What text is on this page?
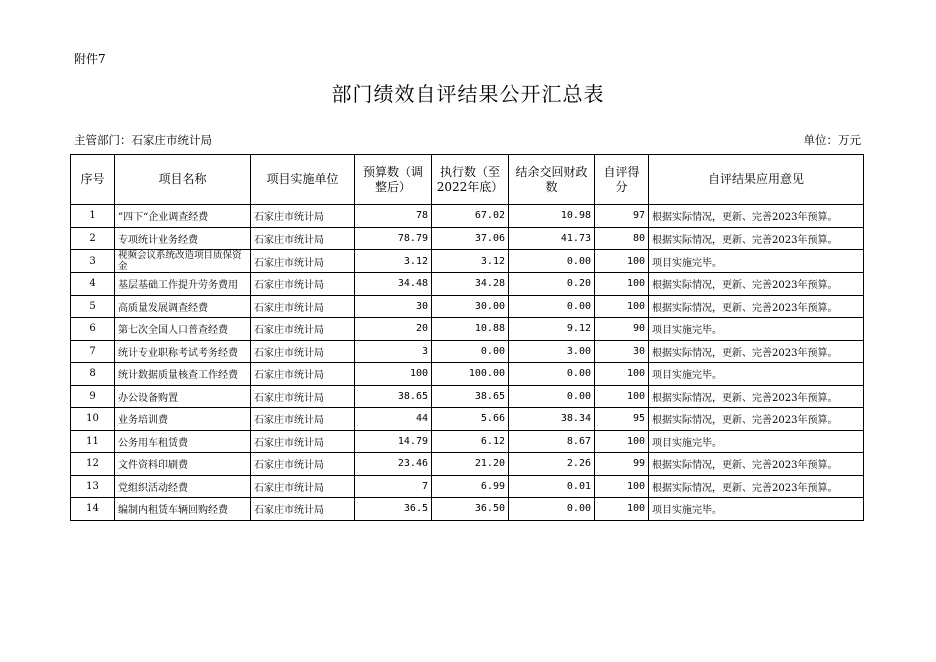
附件7
部门绩效自评结果公开汇总表
主管部门：石家庄市统计局	单位：万元
序号	项目名称	项目实施单位	预算数（调整后）	执行数（至2022年底）	结余交回财政数	自评得分	自评结果应用意见
1	”四下“企业调查经费	石家庄市统计局	78	67.02	10.98	97	根据实际情况，更新、完善2023年预算。
2	专项统计业务经费	石家庄市统计局	78.79	37.06	41.73	80	根据实际情况，更新、完善2023年预算。
3	视频会议系统改造项目质保资金	石家庄市统计局	3.12	3.12	0.00	100	项目实施完毕。
4	基层基础工作提升劳务费用	石家庄市统计局	34.48	34.28	0.20	100	根据实际情况，更新、完善2023年预算。
5	高质量发展调查经费	石家庄市统计局	30	30.00	0.00	100	根据实际情况，更新、完善2023年预算。
6	第七次全国人口普查经费	石家庄市统计局	20	10.88	9.12	90	项目实施完毕。
7	统计专业职称考试考务经费	石家庄市统计局	3	0.00	3.00	30	根据实际情况，更新、完善2023年预算。
8	统计数据质量核查工作经费	石家庄市统计局	100	100.00	0.00	100	项目实施完毕。
9	办公设备购置	石家庄市统计局	38.65	38.65	0.00	100	根据实际情况，更新、完善2023年预算。
10	业务培训费	石家庄市统计局	44	5.66	38.34	95	根据实际情况，更新、完善2023年预算。
11	公务用车租赁费	石家庄市统计局	14.79	6.12	8.67	100	项目实施完毕。
12	文件资料印刷费	石家庄市统计局	23.46	21.20	2.26	99	根据实际情况，更新、完善2023年预算。
13	党组织活动经费	石家庄市统计局	7	6.99	0.01	100	根据实际情况，更新、完善2023年预算。
14	编制内租赁车辆回购经费	石家庄市统计局	36.5	36.50	0.00	100	项目实施完毕。
